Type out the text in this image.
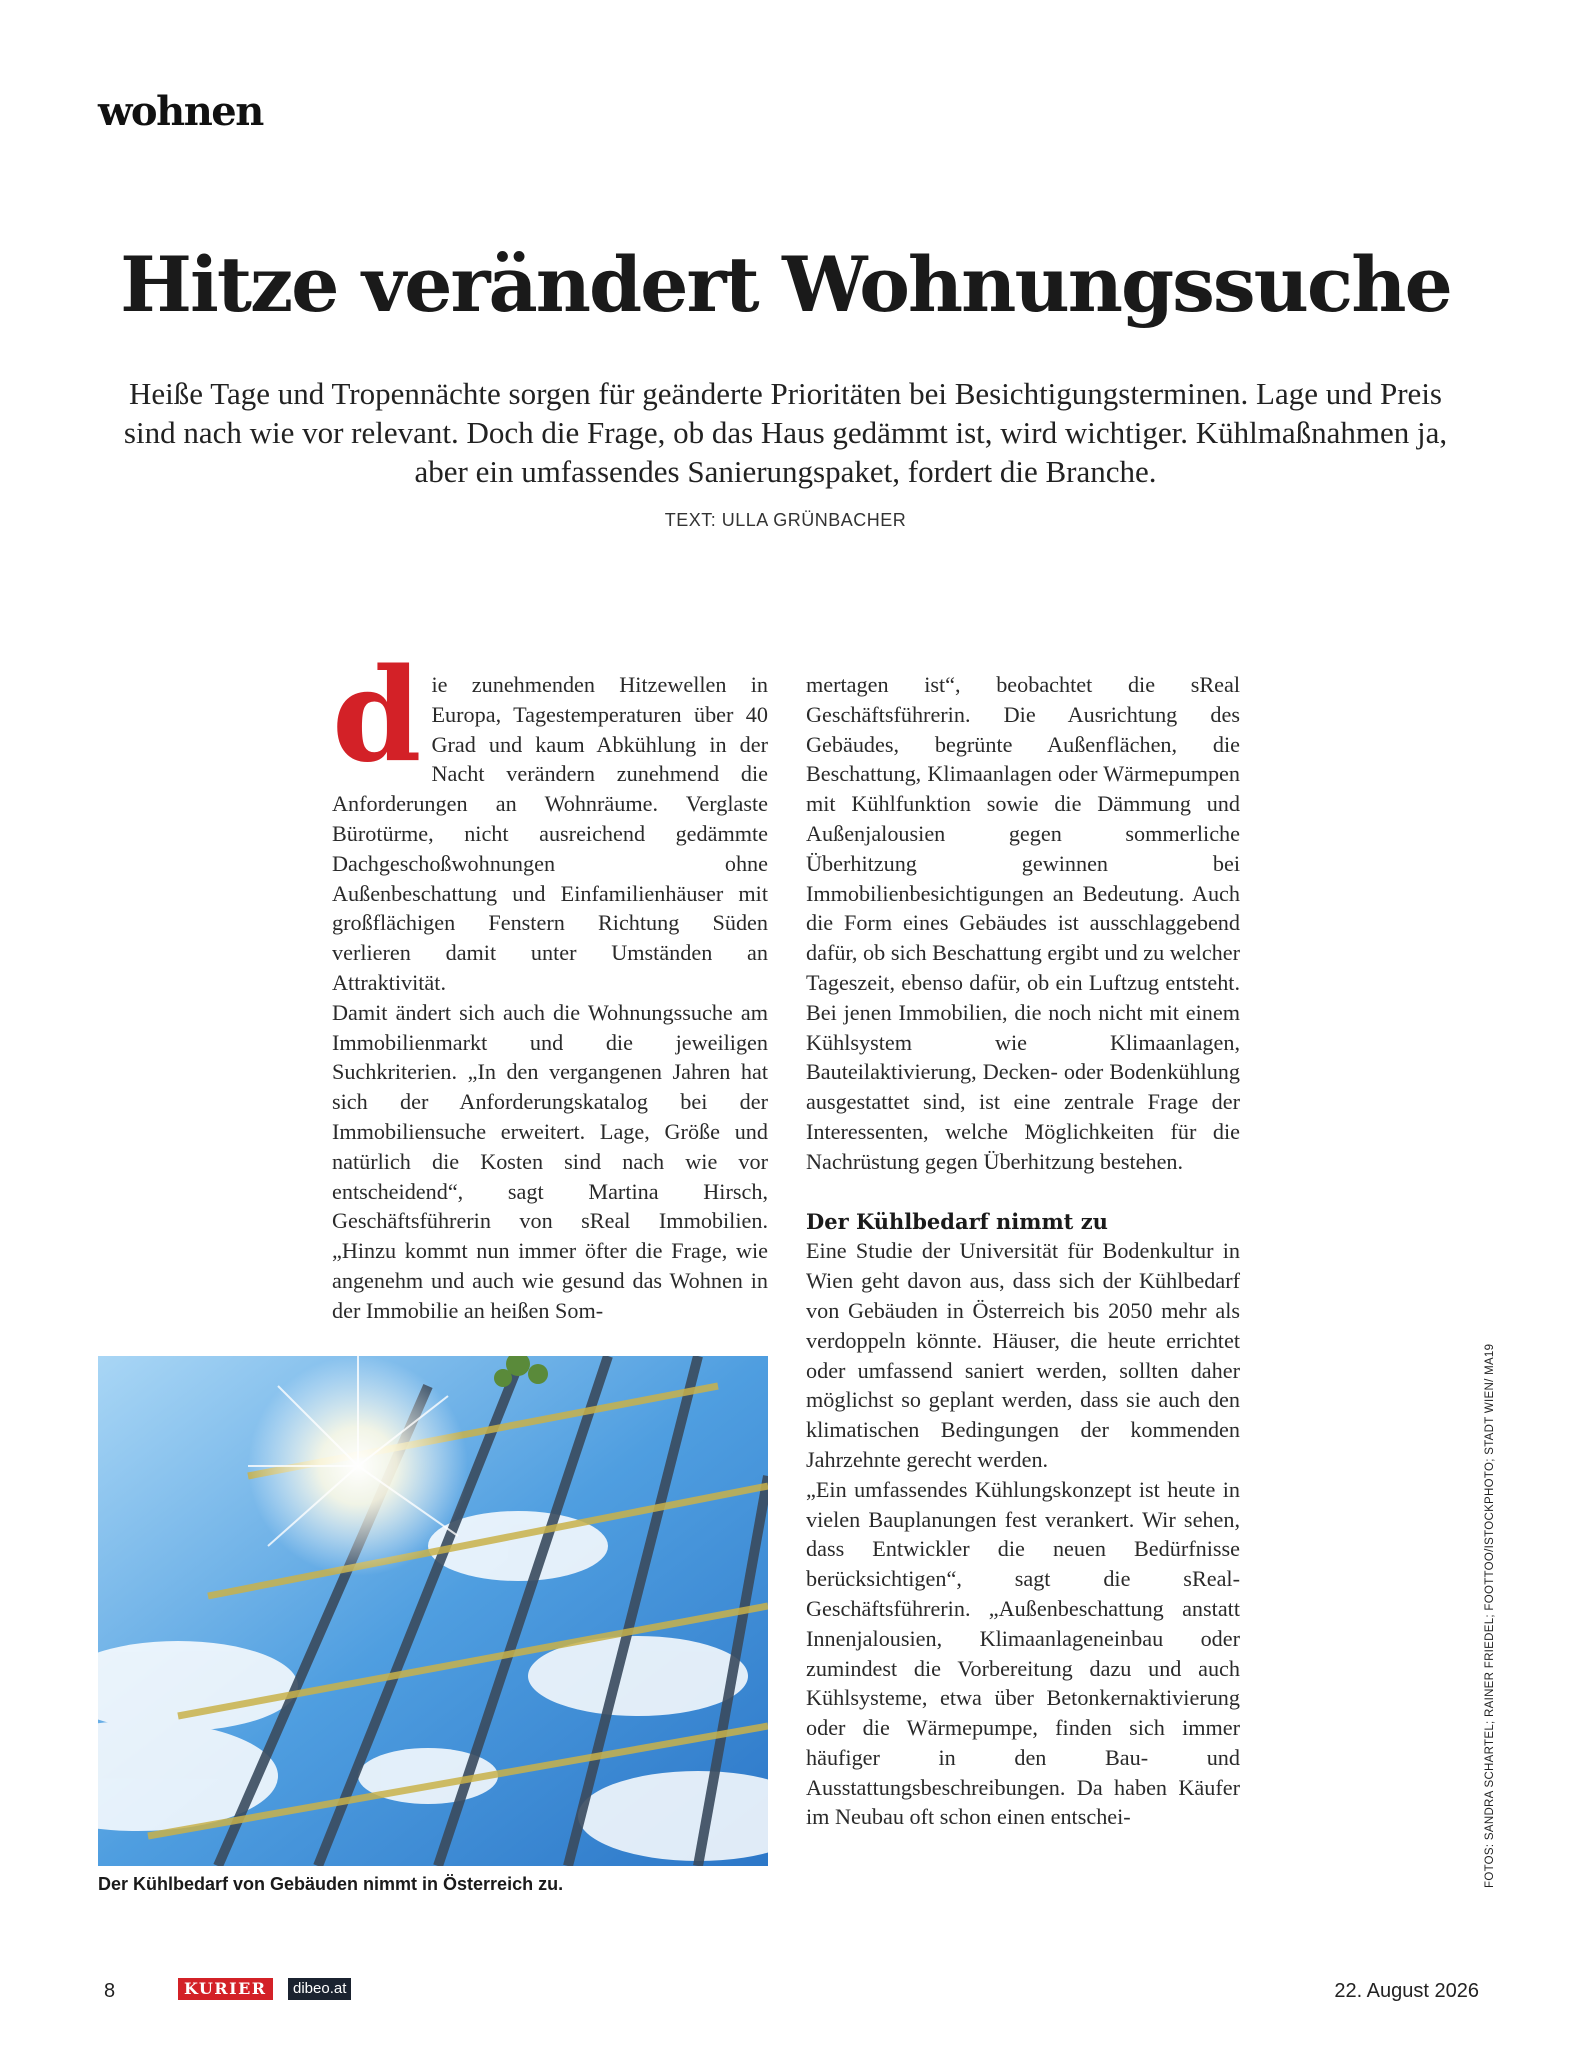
wohnen
Hitze verändert Wohnungssuche

Heiße Tage und Tropennächte sorgen für geänderte Prioritäten bei Besichtigungsterminen. Lage und Preis sind nach wie vor relevant. Doch die Frage, ob das Haus gedämmt ist, wird wichtiger. Kühlmaßnahmen ja, aber ein umfassendes Sanierungspaket, fordert die Branche.

TEXT: ULLA GRÜNBACHER
d ie zunehmenden Hitzewellen in Europa, Tagestemperaturen über 40 Grad und kaum Abkühlung in der Nacht verändern zunehmend die Anforderungen an Wohnräume. Verglaste Bürotürme, nicht ausreichend gedämmte Dachgeschoßwohnungen ohne Außenbeschattung und Einfamilienhäuser mit großflächigen Fenstern Richtung Süden verlieren damit unter Umständen an Attraktivität.

Damit ändert sich auch die Wohnungssuche am Immobilienmarkt und die jeweiligen Suchkriterien. „In den vergangenen Jahren hat sich der Anforderungskatalog bei der Immobiliensuche erweitert. Lage, Größe und natürlich die Kosten sind nach wie vor entscheidend“, sagt Martina Hirsch, Geschäftsführerin von sReal Immobilien. „Hinzu kommt nun immer öfter die Frage, wie angenehm und auch wie gesund das Wohnen in der Immobilie an heißen Som-

mertagen ist“, beobachtet die sReal Geschäftsführerin. Die Ausrichtung des Gebäudes, begrünte Außenflächen, die Beschattung, Klimaanlagen oder Wärmepumpen mit Kühlfunktion sowie die Dämmung und Außenjalousien gegen sommerliche Überhitzung gewinnen bei Immobilienbesichtigungen an Bedeutung. Auch die Form eines Gebäudes ist ausschlaggebend dafür, ob sich Beschattung ergibt und zu welcher Tageszeit, ebenso dafür, ob ein Luftzug entsteht. Bei jenen Immobilien, die noch nicht mit einem Kühlsystem wie Klimaanlagen, Bauteilaktivierung, Decken- oder Bodenkühlung ausgestattet sind, ist eine zentrale Frage der Interessenten, welche Möglichkeiten für die Nachrüstung gegen Überhitzung bestehen.

Der Kühlbedarf nimmt zu

Eine Studie der Universität für Bodenkultur in Wien geht davon aus, dass sich der Kühlbedarf von Gebäuden in Österreich bis 2050 mehr als verdoppeln könnte. Häuser, die heute errichtet oder umfassend saniert werden, sollten daher möglichst so geplant werden, dass sie auch den klimatischen Bedingungen der kommenden Jahrzehnte gerecht werden.

„Ein umfassendes Kühlungskonzept ist heute in vielen Bauplanungen fest verankert. Wir sehen, dass Entwickler die neuen Bedürfnisse berücksichtigen“, sagt die sReal-Geschäftsführerin. „Außenbeschattung anstatt Innenjalousien, Klimaanlageneinbau oder zumindest die Vorbereitung dazu und auch Kühlsysteme, etwa über Betonkernaktivierung oder die Wärmepumpe, finden sich immer häufiger in den Bau- und Ausstattungsbeschreibungen. Da haben Käufer im Neubau oft schon einen entschei-

Der Kühlbedarf von Gebäuden nimmt in Österreich zu.	FOTOS: SANDRA SCHARTEL; RAINER FRIEDEL; FOOTTOO/ISTOCKPHOTO; STADT WIEN/ MA19
8	KURIER	dibeo.at	22. August 2026
